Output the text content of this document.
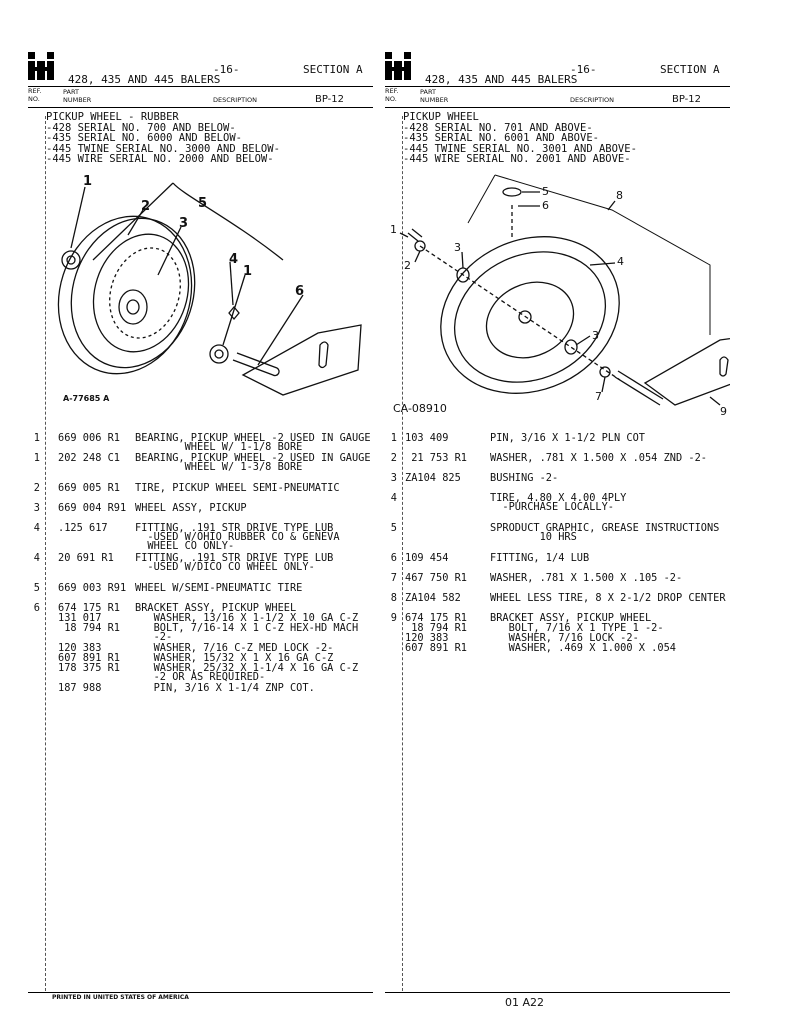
-16-	SECTION A
428, 435 AND 445 BALERS
REF.
NO.
PART
NUMBER	DESCRIPTION	BP-12
PICKUP WHEEL - RUBBER
-428 SERIAL NO. 700 AND BELOW-
-435 SERIAL NO. 6000 AND BELOW-
-445 TWINE SERIAL NO. 3000 AND BELOW-
-445 WIRE SERIAL NO. 2000 AND BELOW-
1
2
3
4
1
5
6
A-77685 A
1 669 006 R1 BEARING, PICKUP WHEEL -2 USED IN GAUGE
WHEEL W/ 1-1/8 BORE
1 202 248 C1 BEARING, PICKUP WHEEL -2 USED IN GAUGE
WHEEL W/ 1-3/8 BORE
2 669 005 R1 TIRE, PICKUP WHEEL SEMI-PNEUMATIC
3 669 004 R91 WHEEL ASSY, PICKUP
4 .125 617	FITTING, .191 STR DRIVE TYPE LUB
-USED W/OHIO RUBBER CO & GENEVA
WHEEL CO ONLY-
4 20 691 R1 FITTING, .191 STR DRIVE TYPE LUB
-USED W/DICO CO WHEEL ONLY-
5 669 003 R91 WHEEL W/SEMI-PNEUMATIC TIRE
6 674 175 R1 BRACKET ASSY, PICKUP WHEEL
131 017	WASHER, 13/16 X 1-1/2 X 10 GA C-Z
18 794 R1 BOLT, 7/16-14 X 1 C-Z HEX-HD MACH
-2-
120 383	WASHER, 7/16 C-Z MED LOCK -2-
607 891 R1 WASHER, 15/32 X 1 X 16 GA C-Z
178 375 R1 WASHER, 25/32 X 1-1/4 X 16 GA C-Z
-2 OR AS REQUIRED-
187 988	PIN, 3/16 X 1-1/4 ZNP COT.
-16-	SECTION A
428, 435 AND 445 BALERS
REF.
NO.
PART
NUMBER	DESCRIPTION	BP-12
PICKUP WHEEL
-428 SERIAL NO. 701 AND ABOVE-
-435 SERIAL NO. 6001 AND ABOVE-
-445 TWINE SERIAL NO. 3001 AND ABOVE-
-445 WIRE SERIAL NO. 2001 AND ABOVE-
5
6
8
1
3
2	4
3
7
9
CA-08910
1 103 409	PIN, 3/16 X 1-1/2 PLN COT
2 21 753 R1 WASHER, .781 X 1.500 X .054 ZND -2-
3 ZA104 825	BUSHING -2-
4	TIRE, 4.80 X 4.00 4PLY
-PURCHASE LOCALLY-
5	SPRODUCT GRAPHIC, GREASE INSTRUCTIONS
10 HRS
6 109 454	FITTING, 1/4 LUB
7 467 750 R1 WASHER, .781 X 1.500 X .105 -2-
8 ZA104 582	WHEEL LESS TIRE, 8 X 2-1/2 DROP CENTER
9 674 175 R1 BRACKET ASSY, PICKUP WHEEL
18 794 R1 BOLT, 7/16 X 1 TYPE 1 -2-
120 383	WASHER, 7/16 LOCK -2-
607 891 R1 WASHER, .469 X 1.000 X .054
PRINTED IN UNITED STATES OF AMERICA	01 A22
